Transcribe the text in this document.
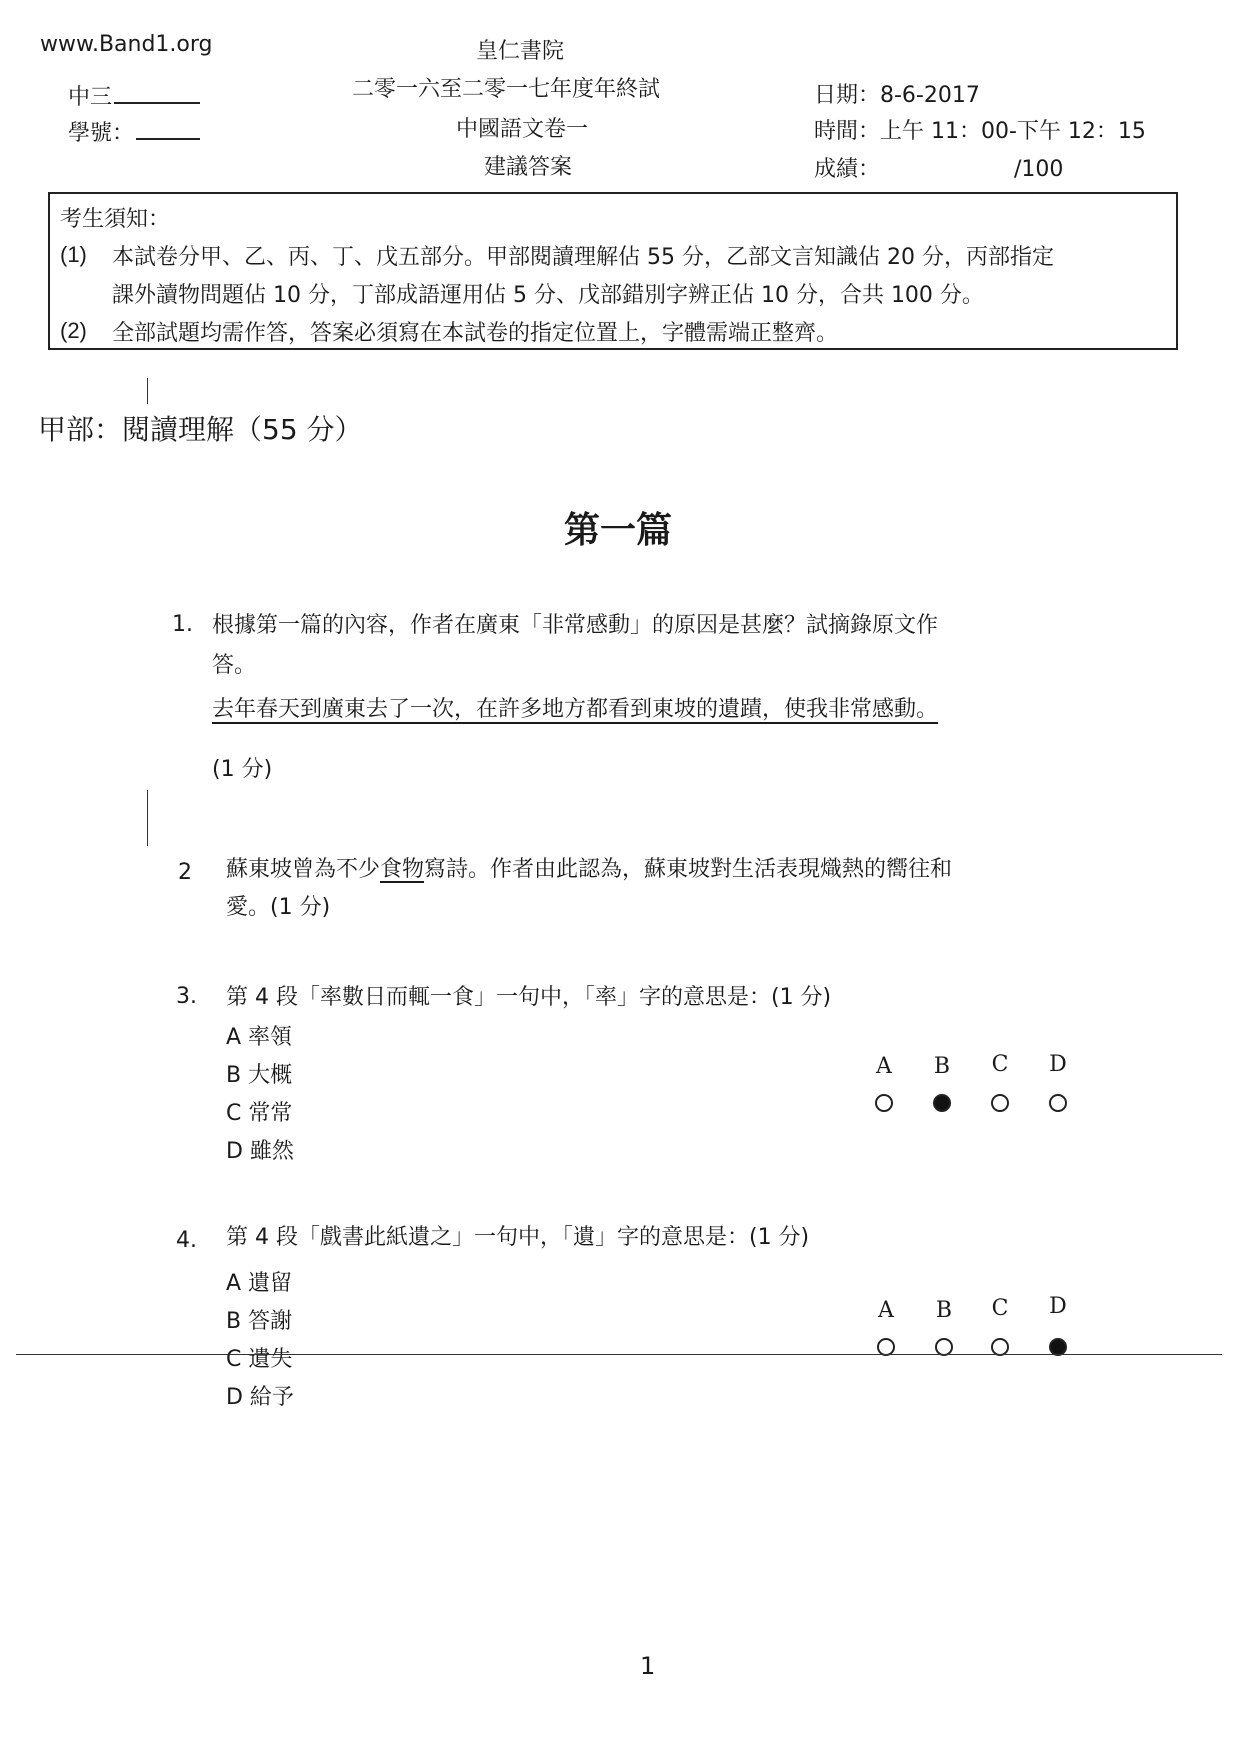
www.Band1.org	皇仁書院
二零一六至二零一七年度年終試
中國語文卷一
建議答案
中三
學號：
日期：8-6-2017
時間：上午 11：00-下午 12：15
成績：	/100
考生須知：
(1) 本試卷分甲、乙、丙、丁、戊五部分。甲部閱讀理解佔 55 分，乙部文言知識佔 20 分，丙部指定
課外讀物問題佔 10 分，丁部成語運用佔 5 分、戊部錯別字辨正佔 10 分，合共 100 分。
(2) 全部試題均需作答，答案必須寫在本試卷的指定位置上，字體需端正整齊。
甲部：閱讀理解（55 分）
第一篇
1. 根據第一篇的內容，作者在廣東「非常感動」的原因是甚麼？試摘錄原文作
答。
去年春天到廣東去了一次，在許多地方都看到東坡的遺蹟，使我非常感動。
(1 分)
2 蘇東坡曾為不少食物寫詩。作者由此認為，蘇東坡對生活表現熾熱的嚮往和
愛。(1 分)
3. 第 4 段「率數日而輒一食」一句中，「率」字的意思是：(1 分)
A 率領
B 大概
C 常常
D 雖然
A B C D
4. 第 4 段「戲書此紙遺之」一句中，「遺」字的意思是：(1 分)
A 遺留
B 答謝
C 遺失
D 給予
A B C D
1
